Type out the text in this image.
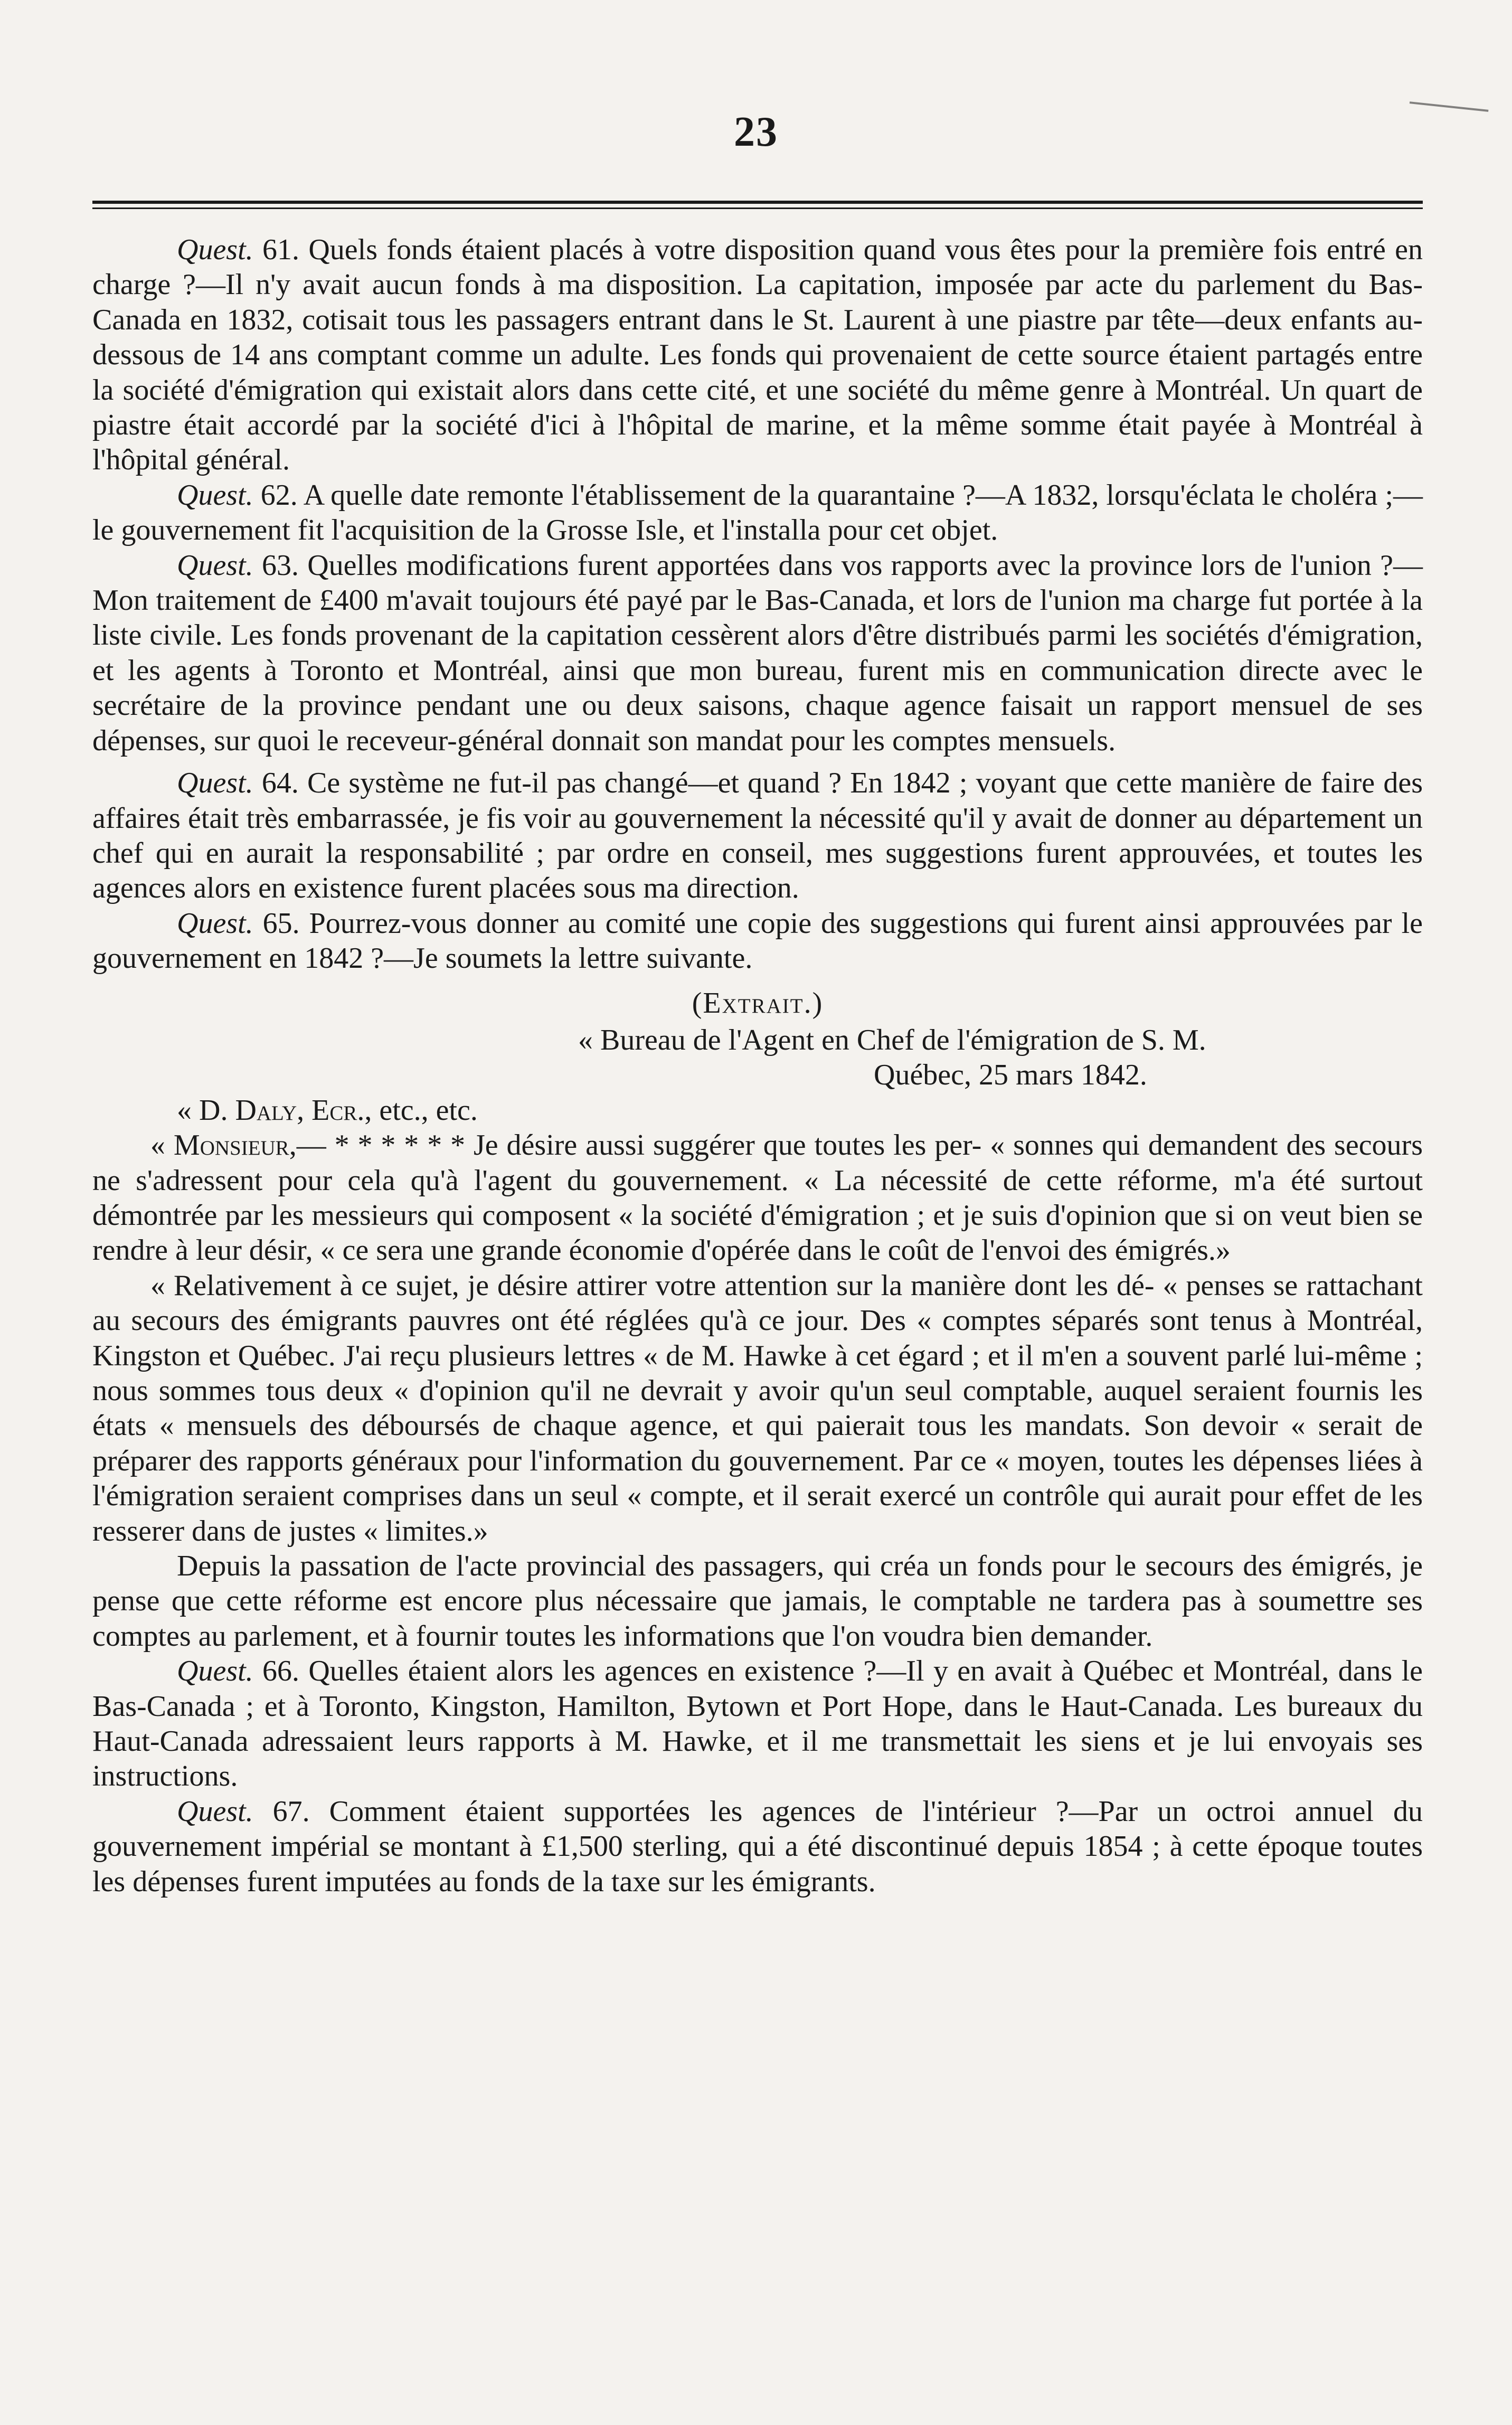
23

Quest. 61. Quels fonds étaient placés à votre disposition quand vous êtes pour la première fois entré en charge ?—Il n'y avait aucun fonds à ma disposition. La capitation, imposée par acte du parlement du Bas-Canada en 1832, cotisait tous les passagers entrant dans le St. Laurent à une piastre par tête—deux enfants au-dessous de 14 ans comptant comme un adulte. Les fonds qui provenaient de cette source étaient partagés entre la société d'émigration qui existait alors dans cette cité, et une société du même genre à Montréal. Un quart de piastre était accordé par la société d'ici à l'hôpital de marine, et la même somme était payée à Montréal à l'hôpital général.

Quest. 62. A quelle date remonte l'établissement de la quarantaine ?—A 1832, lorsqu'éclata le choléra ;—le gouvernement fit l'acquisition de la Grosse Isle, et l'installa pour cet objet.

Quest. 63. Quelles modifications furent apportées dans vos rapports avec la province lors de l'union ?—Mon traitement de £400 m'avait toujours été payé par le Bas-Canada, et lors de l'union ma charge fut portée à la liste civile. Les fonds provenant de la capitation cessèrent alors d'être distribués parmi les sociétés d'émigration, et les agents à Toronto et Montréal, ainsi que mon bureau, furent mis en communication directe avec le secrétaire de la province pendant une ou deux saisons, chaque agence faisait un rapport mensuel de ses dépenses, sur quoi le receveur-général donnait son mandat pour les comptes mensuels.

Quest. 64. Ce système ne fut-il pas changé—et quand ? En 1842 ; voyant que cette manière de faire des affaires était très embarrassée, je fis voir au gouvernement la nécessité qu'il y avait de donner au département un chef qui en aurait la responsabilité ; par ordre en conseil, mes suggestions furent approuvées, et toutes les agences alors en existence furent placées sous ma direction.

Quest. 65. Pourrez-vous donner au comité une copie des suggestions qui furent ainsi approuvées par le gouvernement en 1842 ?—Je soumets la lettre suivante.

(Extrait.)

« Bureau de l'Agent en Chef de l'émigration de S. M.

Québec, 25 mars 1842.

« D. Daly, Ecr., etc., etc.

« Monsieur,— * * * * * * Je désire aussi suggérer que toutes les per- « sonnes qui demandent des secours ne s'adressent pour cela qu'à l'agent du gouvernement. « La nécessité de cette réforme, m'a été surtout démontrée par les messieurs qui composent « la société d'émigration ; et je suis d'opinion que si on veut bien se rendre à leur désir, « ce sera une grande économie d'opérée dans le coût de l'envoi des émigrés.»

« Relativement à ce sujet, je désire attirer votre attention sur la manière dont les dé- « penses se rattachant au secours des émigrants pauvres ont été réglées qu'à ce jour. Des « comptes séparés sont tenus à Montréal, Kingston et Québec. J'ai reçu plusieurs lettres « de M. Hawke à cet égard ; et il m'en a souvent parlé lui-même ; nous sommes tous deux « d'opinion qu'il ne devrait y avoir qu'un seul comptable, auquel seraient fournis les états « mensuels des déboursés de chaque agence, et qui paierait tous les mandats. Son devoir « serait de préparer des rapports généraux pour l'information du gouvernement. Par ce « moyen, toutes les dépenses liées à l'émigration seraient comprises dans un seul « compte, et il serait exercé un contrôle qui aurait pour effet de les resserer dans de justes « limites.»

Depuis la passation de l'acte provincial des passagers, qui créa un fonds pour le secours des émigrés, je pense que cette réforme est encore plus nécessaire que jamais, le comptable ne tardera pas à soumettre ses comptes au parlement, et à fournir toutes les informations que l'on voudra bien demander.

Quest. 66. Quelles étaient alors les agences en existence ?—Il y en avait à Québec et Montréal, dans le Bas-Canada ; et à Toronto, Kingston, Hamilton, Bytown et Port Hope, dans le Haut-Canada. Les bureaux du Haut-Canada adressaient leurs rapports à M. Hawke, et il me transmettait les siens et je lui envoyais ses instructions.

Quest. 67. Comment étaient supportées les agences de l'intérieur ?—Par un octroi annuel du gouvernement impérial se montant à £1,500 sterling, qui a été discontinué depuis 1854 ; à cette époque toutes les dépenses furent imputées au fonds de la taxe sur les émigrants.
